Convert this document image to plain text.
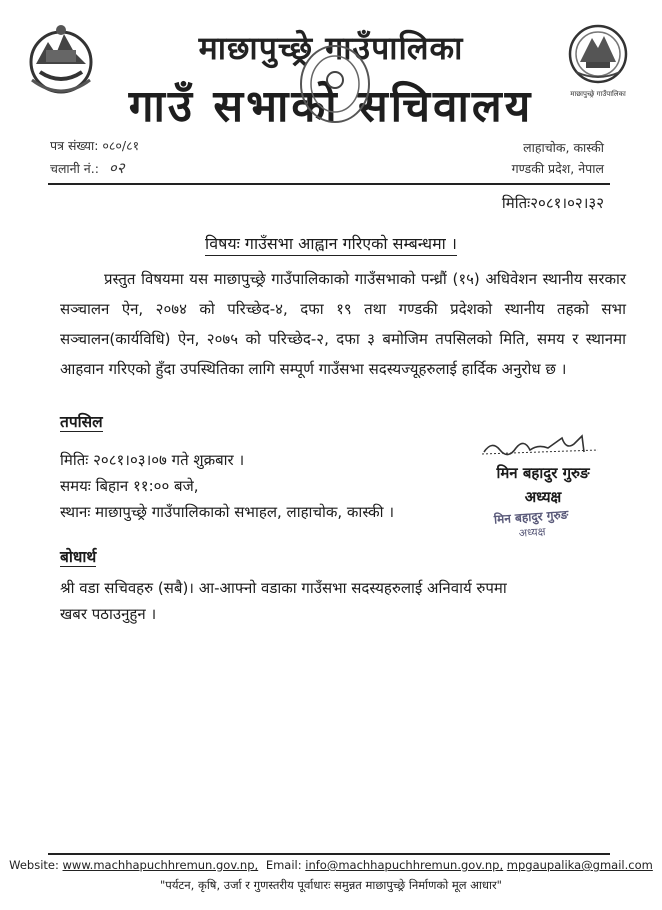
माछापुच्छ्रे गाउँपालिका
माछापुच्छ्रे गाउँपालिका
गाउँ सभाको सचिवालय
पत्र संख्या: ०८०/८१
चलानी नं.: ०२
लाहाचोक, कास्की
गण्डकी प्रदेश, नेपाल
मितिः२०८१।०२।३२
विषयः गाउँसभा आह्वान गरिएको सम्बन्धमा ।
प्रस्तुत विषयमा यस माछापुच्छ्रे गाउँपालिकाको गाउँसभाको पन्ध्रौं (१५) अधिवेशन स्थानीय सरकार सञ्चालन ऐन, २०७४ को परिच्छेद-४, दफा १९ तथा गण्डकी प्रदेशको स्थानीय तहको सभा सञ्चालन(कार्यविधि) ऐन, २०७५ को परिच्छेद-२, दफा ३ बमोजिम तपसिलको मिति, समय र स्थानमा आहवान गरिएको हुँदा उपस्थितिका लागि सम्पूर्ण गाउँसभा सदस्यज्यूहरुलाई हार्दिक अनुरोध छ ।
तपसिल
मितिः २०८१।०३।०७ गते शुक्रबार ।
समयः बिहान ११:०० बजे,
स्थानः माछापुच्छ्रे गाउँपालिकाको सभाहल, लाहाचोक, कास्की ।
मिन बहादुर गुरुङ
अध्यक्ष
मिन बहादुर गुरुङ
अध्यक्ष
बोधार्थ
श्री वडा सचिवहरु (सबै)। आ-आफ्नो वडाका गाउँसभा सदस्यहरुलाई अनिवार्य रुपमा
खबर पठाउनुहुन ।
Website: www.machhapuchhremun.gov.np, Email: info@machhapuchhremun.gov.np, mpgaupalika@gmail.com
"पर्यटन, कृषि, उर्जा र गुणस्तरीय पूर्वाधारः समुन्नत माछापुच्छ्रे निर्माणको मूल आधार"
